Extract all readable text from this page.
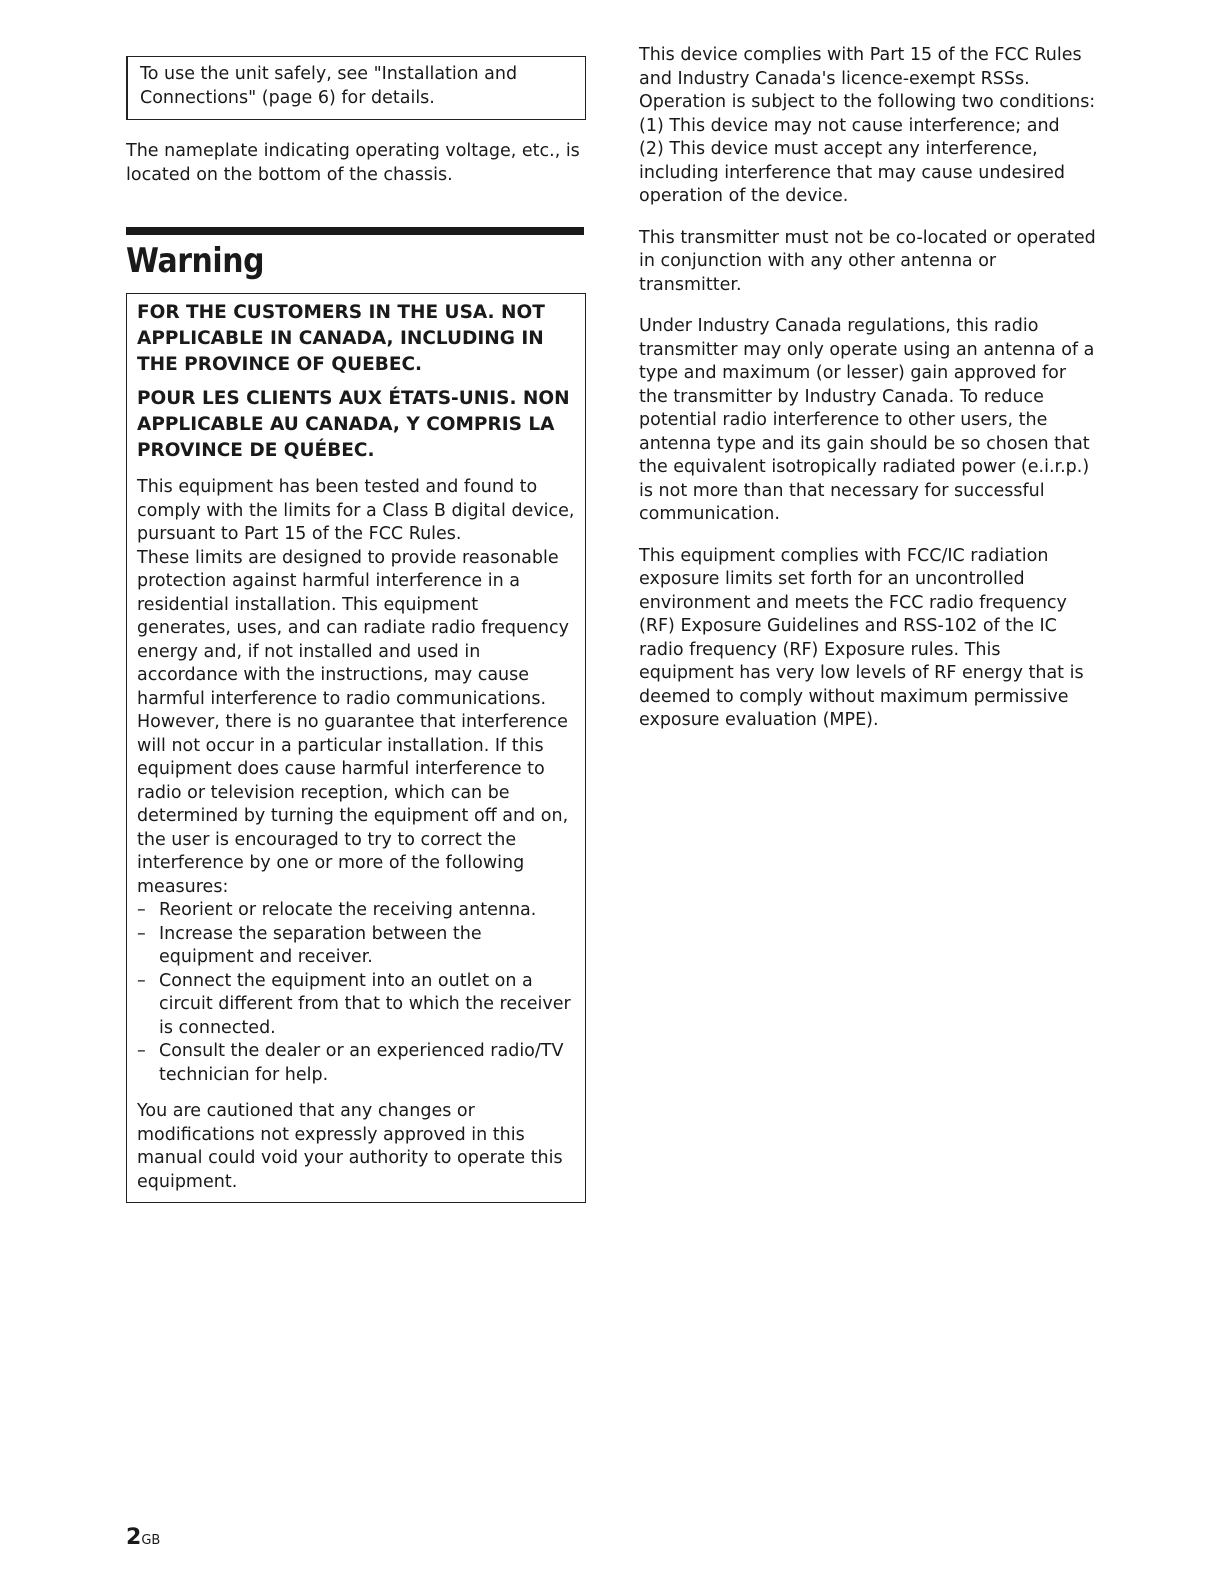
To use the unit safely, see "Installation and Connections" (page 6) for details.

The nameplate indicating operating voltage, etc., is located on the bottom of the chassis.

Warning

FOR THE CUSTOMERS IN THE USA. NOT APPLICABLE IN CANADA, INCLUDING IN THE PROVINCE OF QUEBEC.

POUR LES CLIENTS AUX ÉTATS-UNIS. NON APPLICABLE AU CANADA, Y COMPRIS LA PROVINCE DE QUÉBEC.

This equipment has been tested and found to comply with the limits for a Class B digital device, pursuant to Part 15 of the FCC Rules.

These limits are designed to provide reasonable protection against harmful interference in a residential installation. This equipment generates, uses, and can radiate radio frequency energy and, if not installed and used in accordance with the instructions, may cause harmful interference to radio communications. However, there is no guarantee that interference will not occur in a particular installation. If this equipment does cause harmful interference to radio or television reception, which can be determined by turning the equipment off and on, the user is encouraged to try to correct the interference by one or more of the following measures:

– Reorient or relocate the receiving antenna.
– Increase the separation between the equipment and receiver.
– Connect the equipment into an outlet on a circuit different from that to which the receiver is connected.
– Consult the dealer or an experienced radio/TV technician for help.

You are cautioned that any changes or modifications not expressly approved in this manual could void your authority to operate this equipment.

This device complies with Part 15 of the FCC Rules and Industry Canada's licence-exempt RSSs. Operation is subject to the following two conditions:

(1) This device may not cause interference; and

(2) This device must accept any interference, including interference that may cause undesired operation of the device.

This transmitter must not be co-located or operated in conjunction with any other antenna or transmitter.

Under Industry Canada regulations, this radio transmitter may only operate using an antenna of a type and maximum (or lesser) gain approved for the transmitter by Industry Canada. To reduce potential radio interference to other users, the antenna type and its gain should be so chosen that the equivalent isotropically radiated power (e.i.r.p.) is not more than that necessary for successful communication.

This equipment complies with FCC/IC radiation exposure limits set forth for an uncontrolled environment and meets the FCC radio frequency (RF) Exposure Guidelines and RSS-102 of the IC radio frequency (RF) Exposure rules. This equipment has very low levels of RF energy that is deemed to comply without maximum permissive exposure evaluation (MPE).

2GB
